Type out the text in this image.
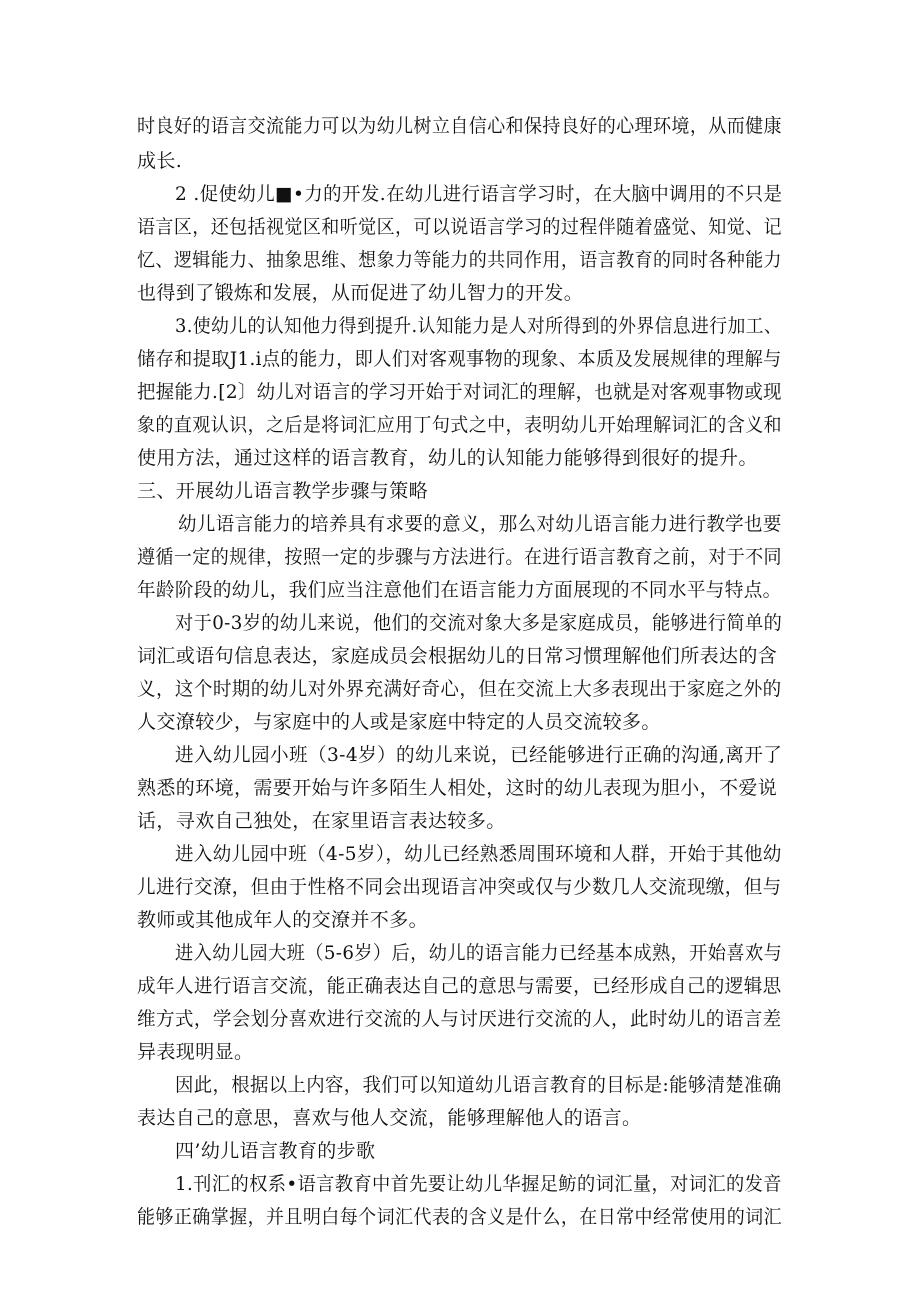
时良好的语言交流能力可以为幼儿树立自信心和保持良好的心理环境，从而健康
成长.
2 .促使幼儿■•力的开发.在幼儿进行语言学习时，在大脑中调用的不只是
语言区，还包括视觉区和听觉区，可以说语言学习的过程伴随着盛觉、知觉、记
忆、逻辑能力、抽象思维、想象力等能力的共同作用，语言教育的同时各种能力
也得到了锻炼和发展，从而促进了幼儿智力的开发。
3.使幼儿的认知他力得到提升.认知能力是人对所得到的外界信息进行加工、
储存和提取J1.i点的能力，即人们对客观事物的现象、本质及发展规律的理解与
把握能力.[2〕幼儿对语言的学习开始于对词汇的理解，也就是对客观事物或现
象的直观认识，之后是将词汇应用丁句式之中，表明幼儿开始理解词汇的含义和
使用方法，通过这样的语言教育，幼儿的认知能力能够得到很好的提升。
三、开展幼儿语言教学步骤与策略
幼儿语言能力的培养具有求要的意义，那么对幼儿语言能力进行教学也要
遵循一定的规律，按照一定的步骤与方法进行。在进行语言教育之前，对于不同
年龄阶段的幼儿，我们应当注意他们在语言能力方面展现的不同水平与特点。
对于0-3岁的幼儿来说，他们的交流对象大多是家庭成员，能够进行简单的
词汇或语句信息表达，家庭成员会根据幼儿的日常习惯理解他们所表达的含
义，这个时期的幼儿对外界充满好奇心，但在交流上大多表现出于家庭之外的
人交潦较少，与家庭中的人或是家庭中特定的人员交流较多。
进入幼儿园小班（3-4岁）的幼儿来说，已经能够进行正确的沟通,离开了
熟悉的环境，需要开始与许多陌生人相处，这时的幼儿表现为胆小，不爱说
话，寻欢自己独处，在家里语言表达较多。
进入幼儿园中班（4-5岁），幼儿已经熟悉周围环境和人群，开始于其他幼
儿进行交潦，但由于性格不同会出现语言冲突或仅与少数几人交流现缴，但与
教师或其他成年人的交潦并不多。
进入幼儿园大班（5-6岁）后，幼儿的语言能力已经基本成熟，开始喜欢与
成年人进行语言交流，能正确表达自己的意思与需要，已经形成自己的逻辑思
维方式，学会划分喜欢进行交流的人与讨厌进行交流的人，此时幼儿的语言差
异表现明显。
因此，根据以上内容，我们可以知道幼儿语言教育的目标是:能够清楚准确
表达自己的意思，喜欢与他人交流，能够理解他人的语言。
四’幼儿语言教育的步歌
1.刊汇的权系•语言教育中首先要让幼儿华握足鲂的词汇量，对词汇的发音
能够正确掌握，并且明白每个词汇代表的含义是什么，在日常中经常使用的词汇
